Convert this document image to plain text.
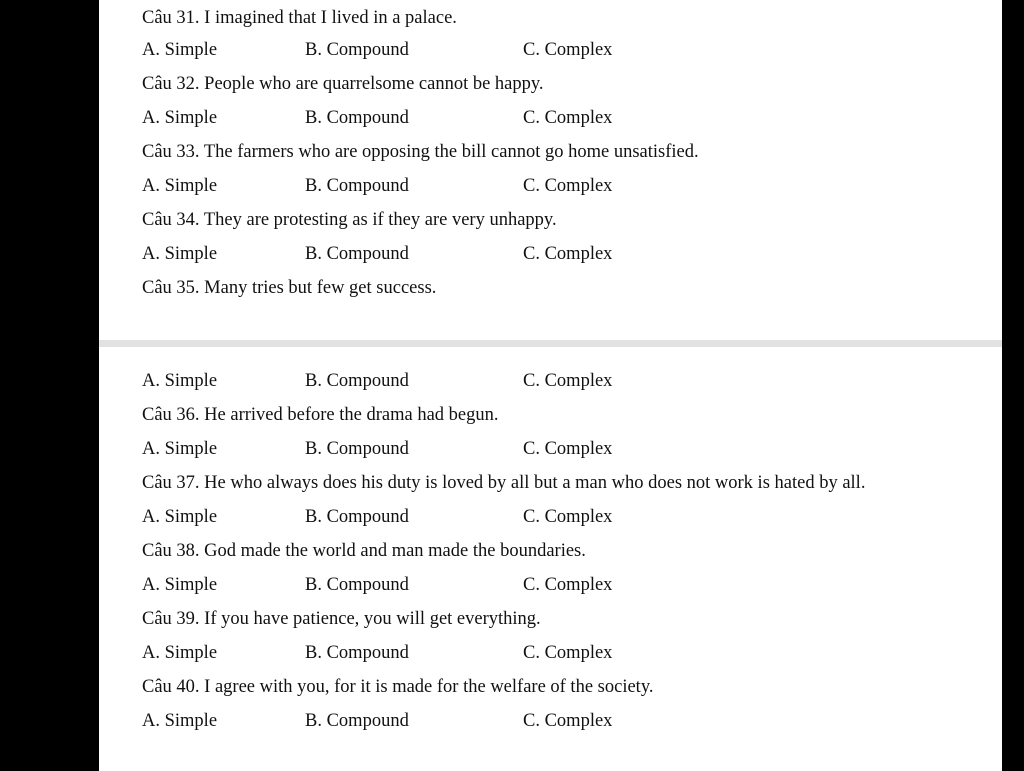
Câu 31. I imagined that I lived in a palace.
A. Simple	B. Compound	C. Complex
Câu 32. People who are quarrelsome cannot be happy.
A. Simple	B. Compound	C. Complex
Câu 33. The farmers who are opposing the bill cannot go home unsatisfied.
A. Simple	B. Compound	C. Complex
Câu 34. They are protesting as if they are very unhappy.
A. Simple	B. Compound	C. Complex
Câu 35. Many tries but few get success.
A. Simple	B. Compound	C. Complex
Câu 36. He arrived before the drama had begun.
A. Simple	B. Compound	C. Complex
Câu 37. He who always does his duty is loved by all but a man who does not work is hated by all.
A. Simple	B. Compound	C. Complex
Câu 38. God made the world and man made the boundaries.
A. Simple	B. Compound	C. Complex
Câu 39. If you have patience, you will get everything.
A. Simple	B. Compound	C. Complex
Câu 40. I agree with you, for it is made for the welfare of the society.
A. Simple	B. Compound	C. Complex
